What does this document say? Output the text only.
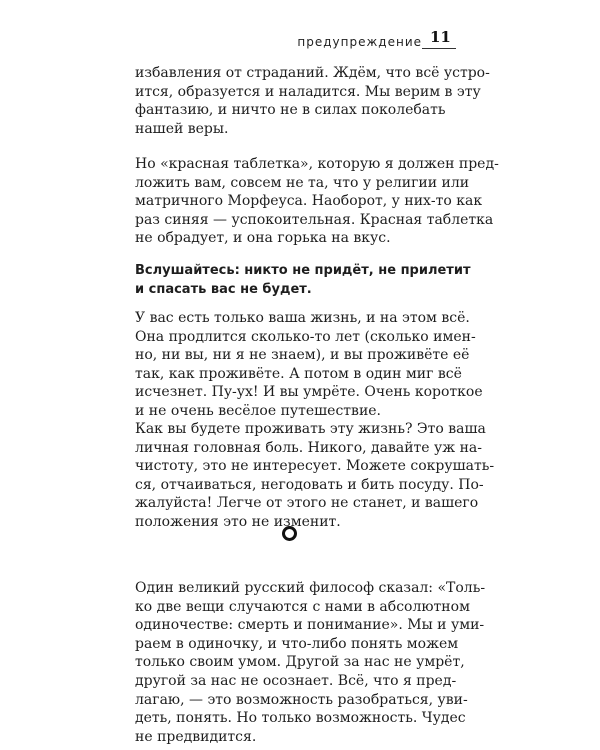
предупреждение 11
избавления от страданий. Ждём, что всё устро-
ится, образуется и наладится. Мы верим в эту
фантазию, и ничто не в силах поколебать
нашей веры.
Но «красная таблетка», которую я должен пред-
ложить вам, совсем не та, что у религии или
матричного Морфеуса. Наоборот, у них-то как
раз синяя — успокоительная. Красная таблетка
не обрадует, и она горька на вкус.
Вслушайтесь: никто не придёт, не прилетит
и спасать вас не будет.
У вас есть только ваша жизнь, и на этом всё.
Она продлится сколько-то лет (сколько имен-
но, ни вы, ни я не знаем), и вы проживёте её
так, как проживёте. А потом в один миг всё
исчезнет. Пу-ух! И вы умрёте. Очень короткое
и не очень весёлое путешествие.
Как вы будете проживать эту жизнь? Это ваша
личная головная боль. Никого, давайте уж на-
чистоту, это не интересует. Можете сокрушать-
ся, отчаиваться, негодовать и бить посуду. По-
жалуйста! Легче от этого не станет, и вашего
положения это не изменит.
Один великий русский философ сказал: «Толь-
ко две вещи случаются с нами в абсолютном
одиночестве: смерть и понимание». Мы и уми-
раем в одиночку, и что-либо понять можем
только своим умом. Другой за нас не умрёт,
другой за нас не осознает. Всё, что я пред-
лагаю, — это возможность разобраться, уви-
деть, понять. Но только возможность. Чудес
не предвидится.
